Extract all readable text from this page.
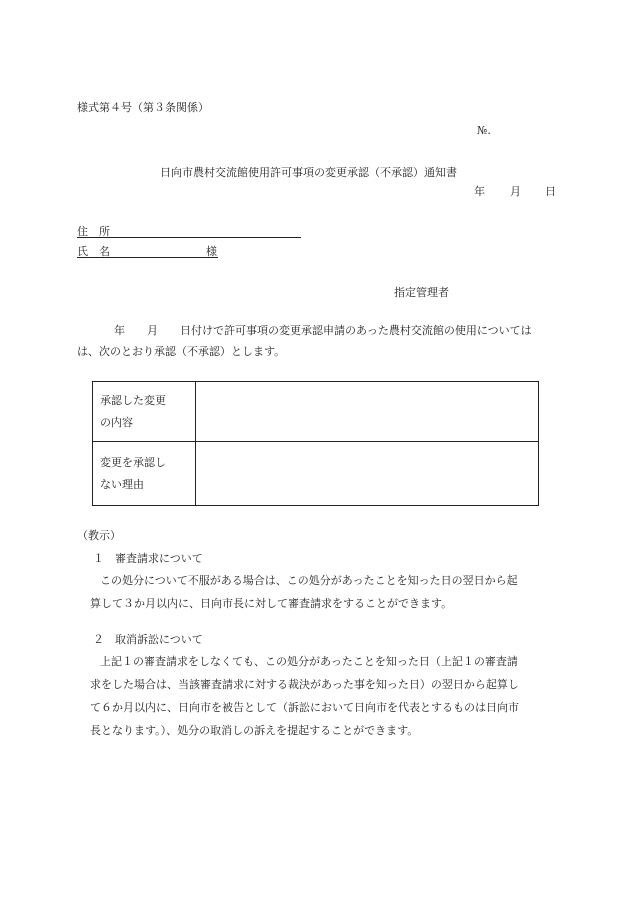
様式第４号（第３条関係）
№.
日向市農村交流館使用許可事項の変更承認（不承認）通知書
年 月 日
住　所
氏　名	様
指定管理者
年　　月　　日付けで許可事項の変更承認申請のあった農村交流館の使用については
は、次のとおり承認（不承認）とします。
承認した変更
の内容	

変更を承認し
ない理由	

（教示）
１　審査請求について
この処分について不服がある場合は、この処分があったことを知った日の翌日から起
算して３か月以内に、日向市長に対して審査請求をすることができます。
２　取消訴訟について
上記１の審査請求をしなくても、この処分があったことを知った日（上記１の審査請
求をした場合は、当該審査請求に対する裁決があった事を知った日）の翌日から起算し
て６か月以内に、日向市を被告として（訴訟において日向市を代表とするものは日向市
長となります。）、処分の取消しの訴えを提起することができます。
